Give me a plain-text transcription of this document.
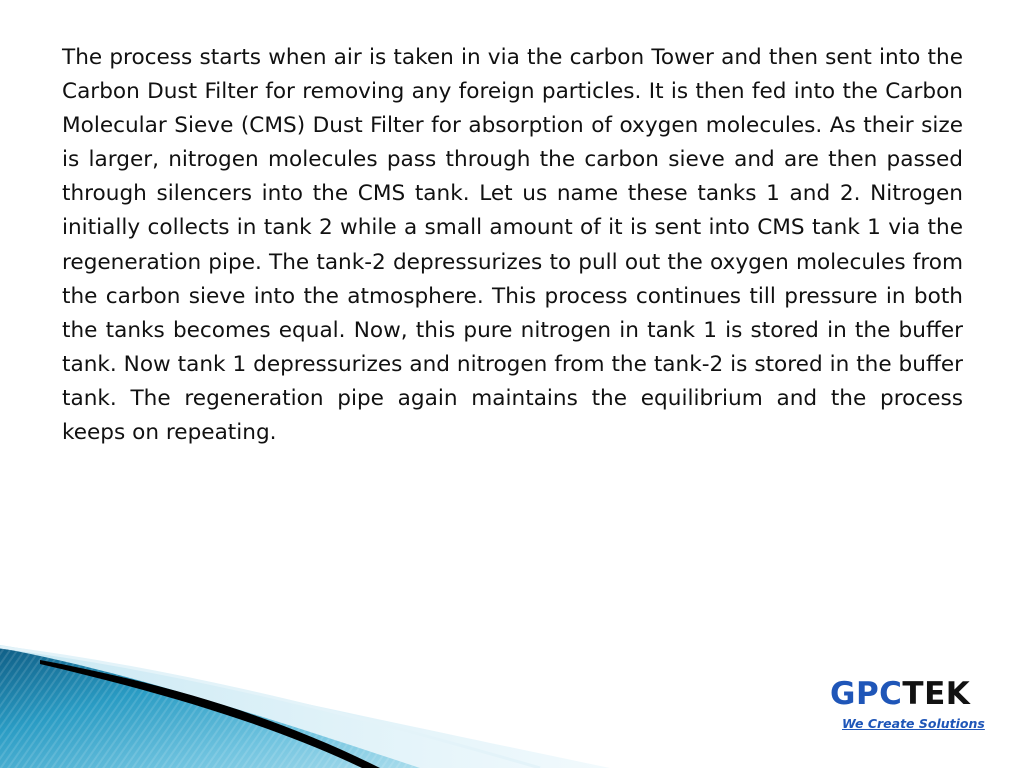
The process starts when air is taken in via the carbon Tower and then sent into the Carbon Dust Filter for removing any foreign particles. It is then fed into the Carbon Molecular Sieve (CMS) Dust Filter for absorption of oxygen molecules. As their size is larger, nitrogen molecules pass through the carbon sieve and are then passed through silencers into the CMS tank. Let us name these tanks 1 and 2. Nitrogen initially collects in tank 2 while a small amount of it is sent into CMS tank 1 via the regeneration pipe. The tank-2 depressurizes to pull out the oxygen molecules from the carbon sieve into the atmosphere. This process continues till pressure in both the tanks becomes equal. Now, this pure nitrogen in tank 1 is stored in the buffer tank. Now tank 1 depressurizes and nitrogen from the tank-2 is stored in the buffer tank. The regeneration pipe again maintains the equilibrium and the process keeps on repeating.

GPCTEK
We Create Solutions
